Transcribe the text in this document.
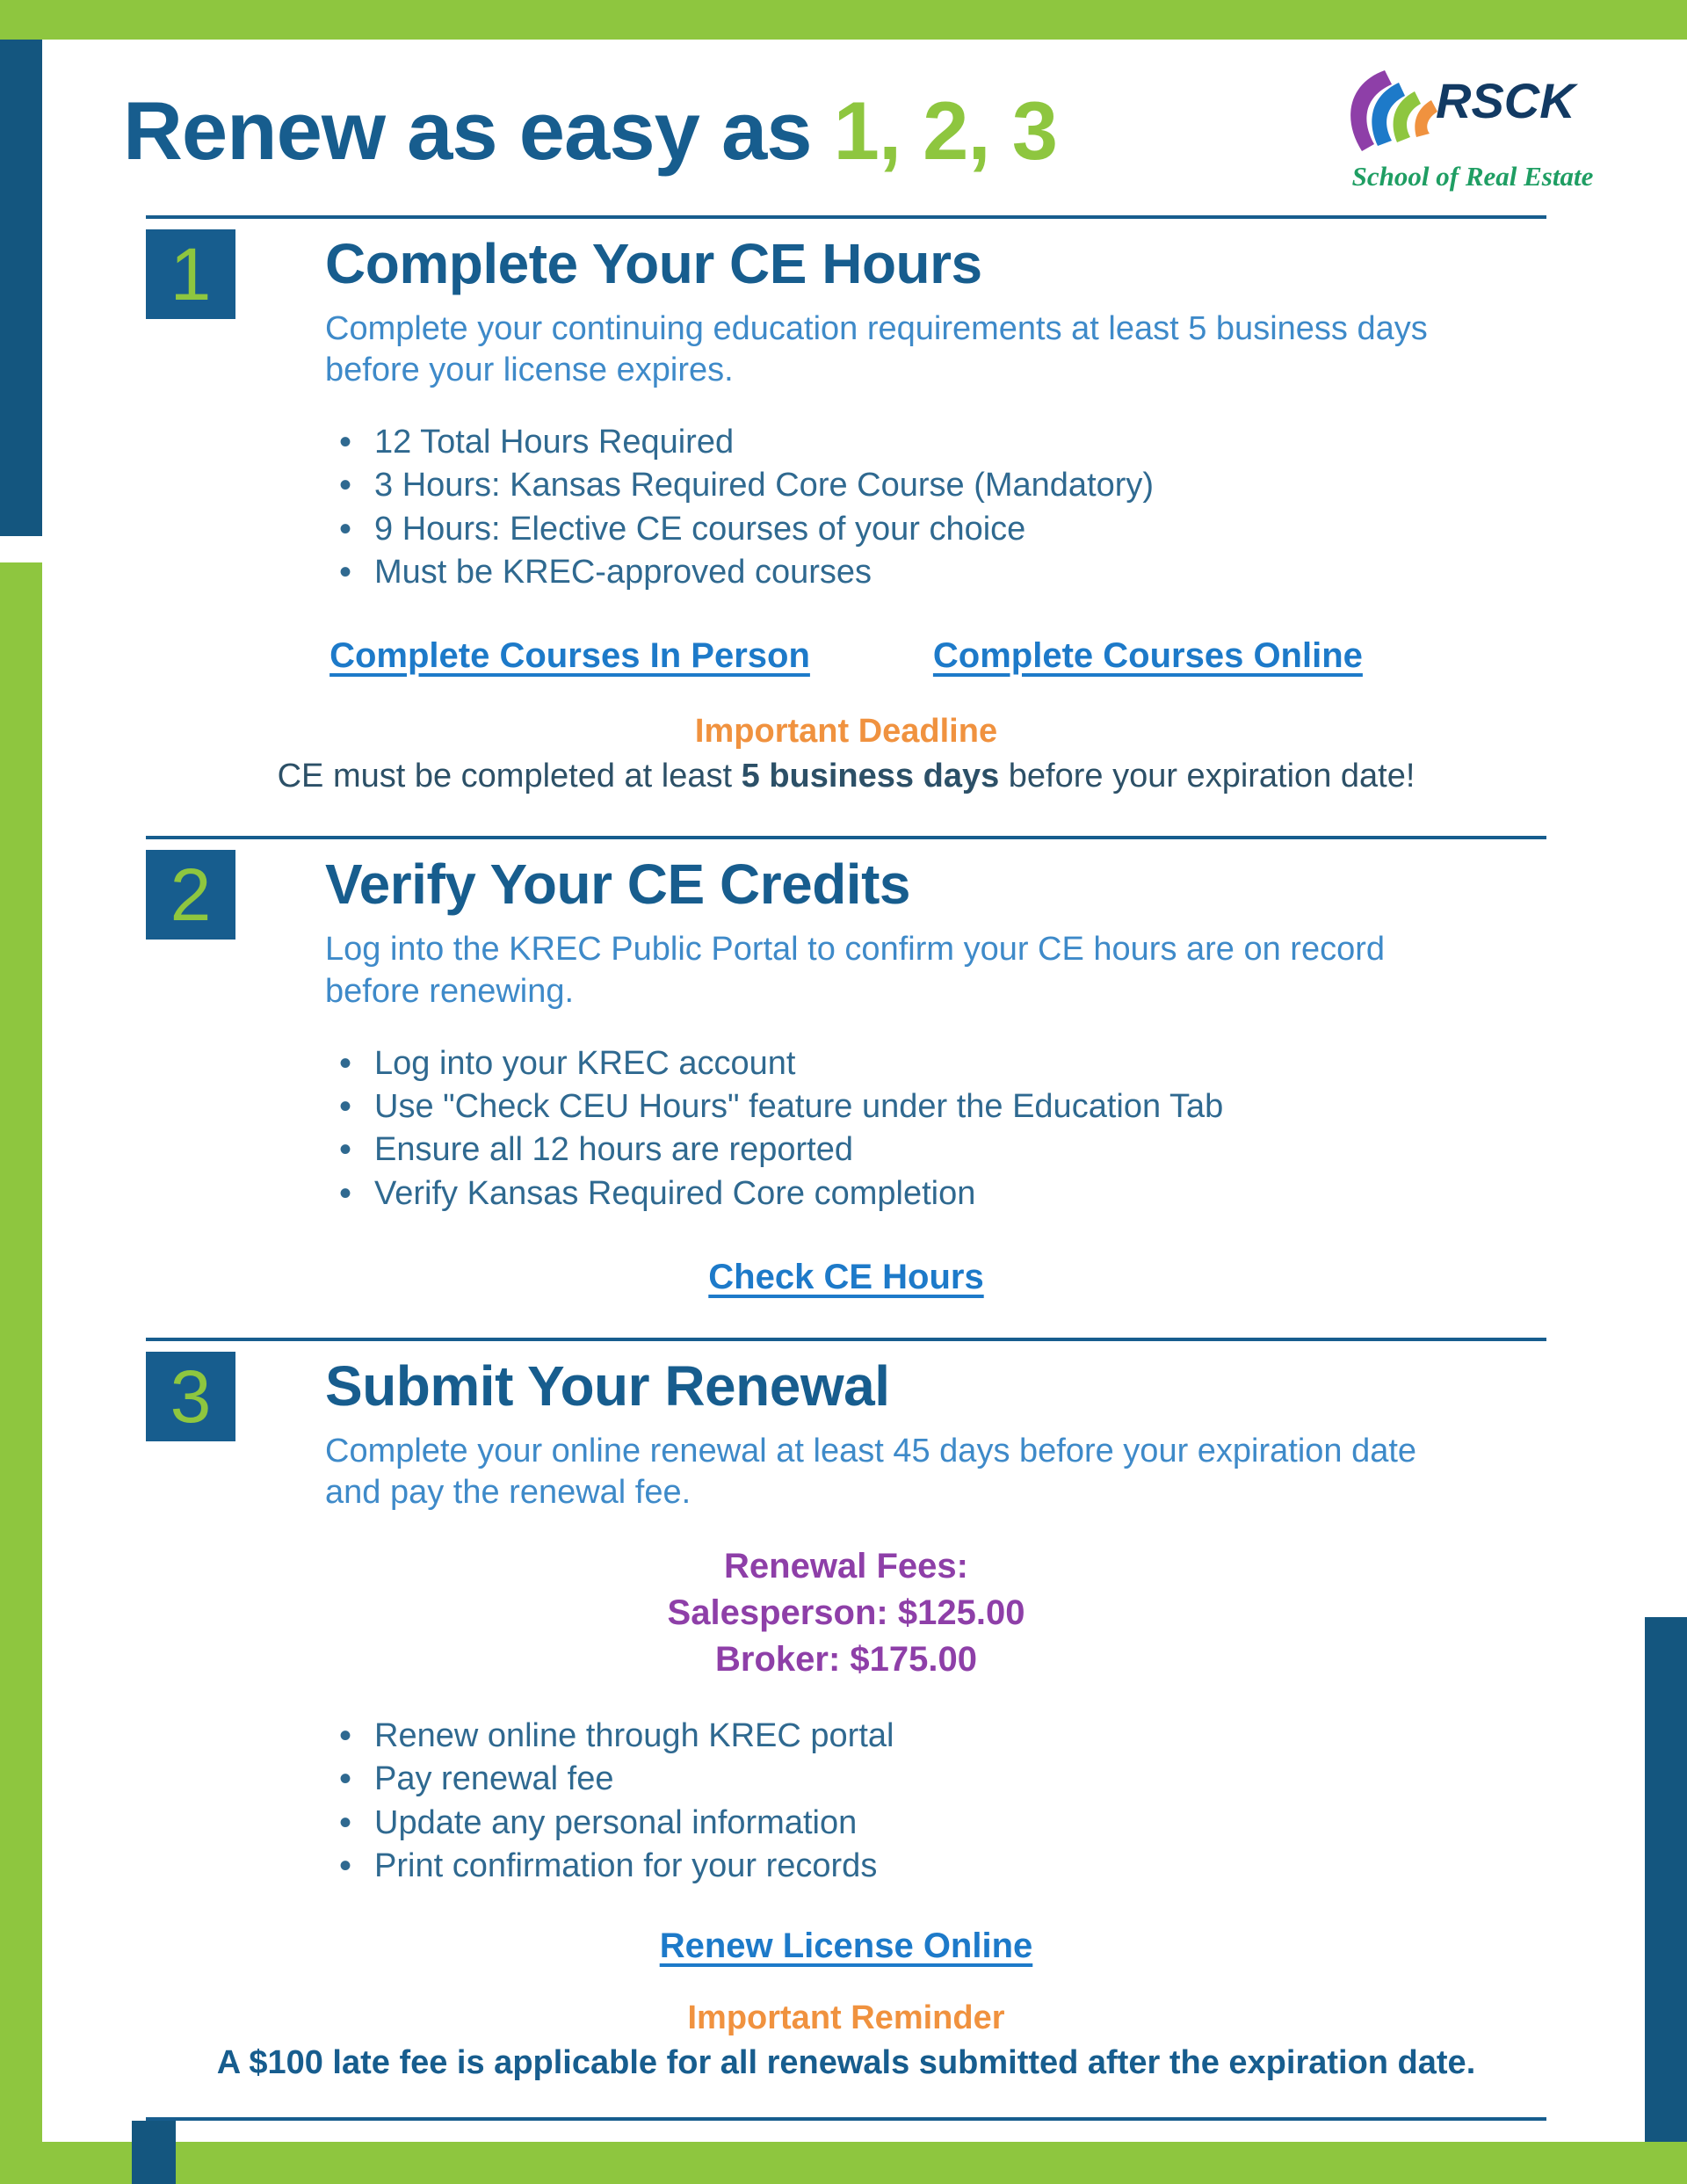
Renew as easy as 1, 2, 3	RSCK
School of Real Estate
1 Complete Your CE Hours

Complete your continuing education requirements at least 5 business days before your license expires.

• 12 Total Hours Required
• 3 Hours: Kansas Required Core Course (Mandatory)
• 9 Hours: Elective CE courses of your choice
• Must be KREC-approved courses
Complete Courses In Person	Complete Courses Online
Important Deadline
CE must be completed at least 5 business days before your expiration date!
2 Verify Your CE Credits

Log into the KREC Public Portal to confirm your CE hours are on record before renewing.

• Log into your KREC account
• Use "Check CEU Hours" feature under the Education Tab
• Ensure all 12 hours are reported
• Verify Kansas Required Core completion
Check CE Hours
3 Submit Your Renewal

Complete your online renewal at least 45 days before your expiration date and pay the renewal fee.

Renewal Fees:
Salesperson: $125.00
Broker: $175.00
• Renew online through KREC portal
• Pay renewal fee
• Update any personal information
• Print confirmation for your records
Renew License Online
Important Reminder
A $100 late fee is applicable for all renewals submitted after the expiration date.
